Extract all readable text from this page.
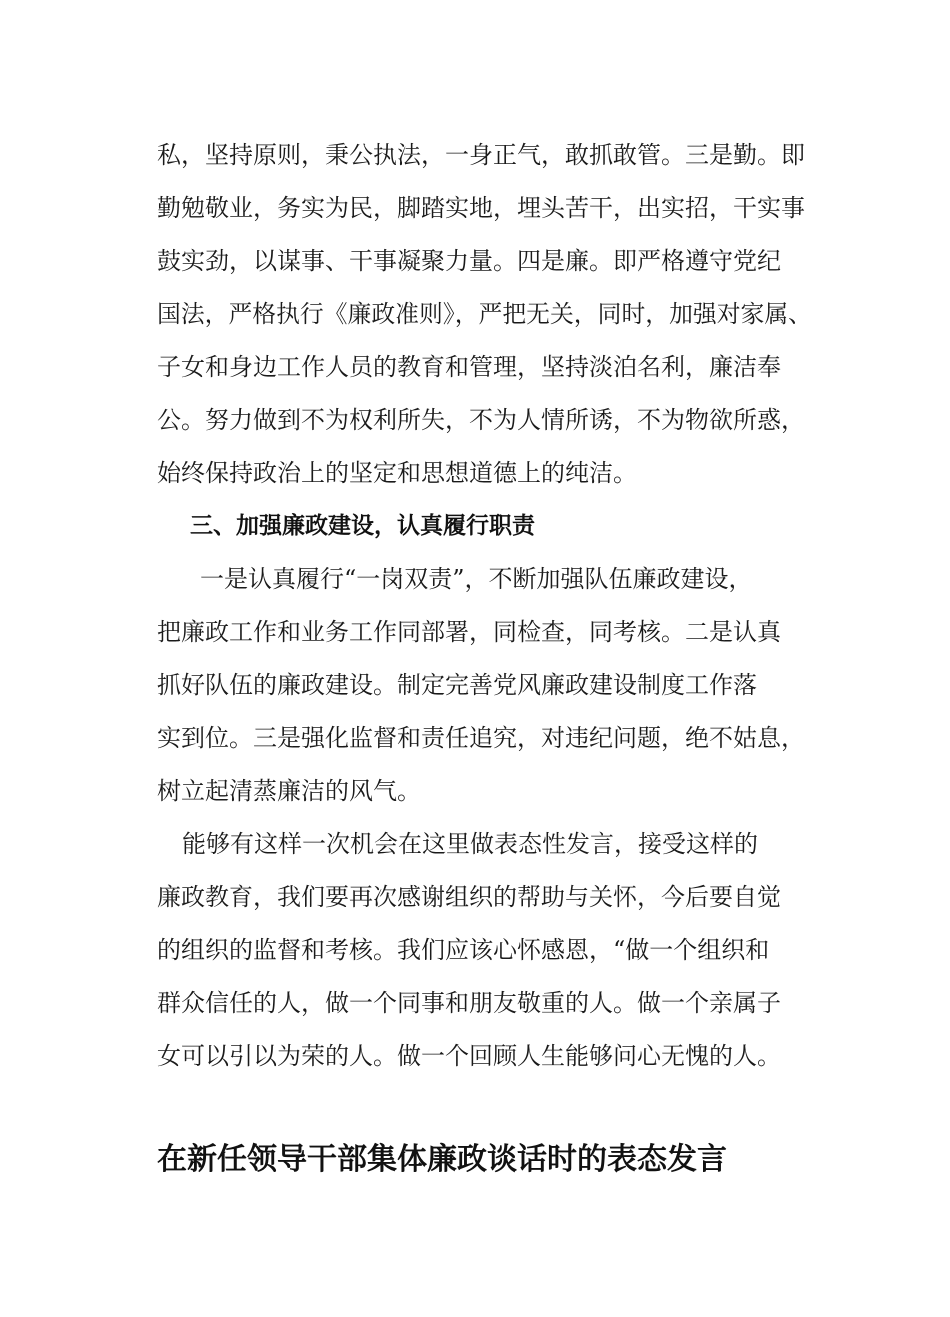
私，坚持原则，秉公执法，一身正气，敢抓敢管。三是勤。即
勤勉敬业，务实为民，脚踏实地，埋头苦干，出实招，干实事
鼓实劲，以谋事、干事凝聚力量。四是廉。即严格遵守党纪
国法，严格执行《廉政准则》，严把无关，同时，加强对家属、
子女和身边工作人员的教育和管理，坚持淡泊名利，廉洁奉
公。努力做到不为权利所失，不为人情所诱，不为物欲所惑，
始终保持政治上的坚定和思想道德上的纯洁。
三、加强廉政建设，认真履行职责
一是认真履行“一岗双责”，不断加强队伍廉政建设，
把廉政工作和业务工作同部署，同检查，同考核。二是认真
抓好队伍的廉政建设。制定完善党风廉政建设制度工作落
实到位。三是强化监督和责任追究，对违纪问题，绝不姑息，
树立起清蒸廉洁的风气。
能够有这样一次机会在这里做表态性发言，接受这样的
廉政教育，我们要再次感谢组织的帮助与关怀，今后要自觉
的组织的监督和考核。我们应该心怀感恩，“做一个组织和
群众信任的人，做一个同事和朋友敬重的人。做一个亲属子
女可以引以为荣的人。做一个回顾人生能够问心无愧的人。
在新任领导干部集体廉政谈话时的表态发言
